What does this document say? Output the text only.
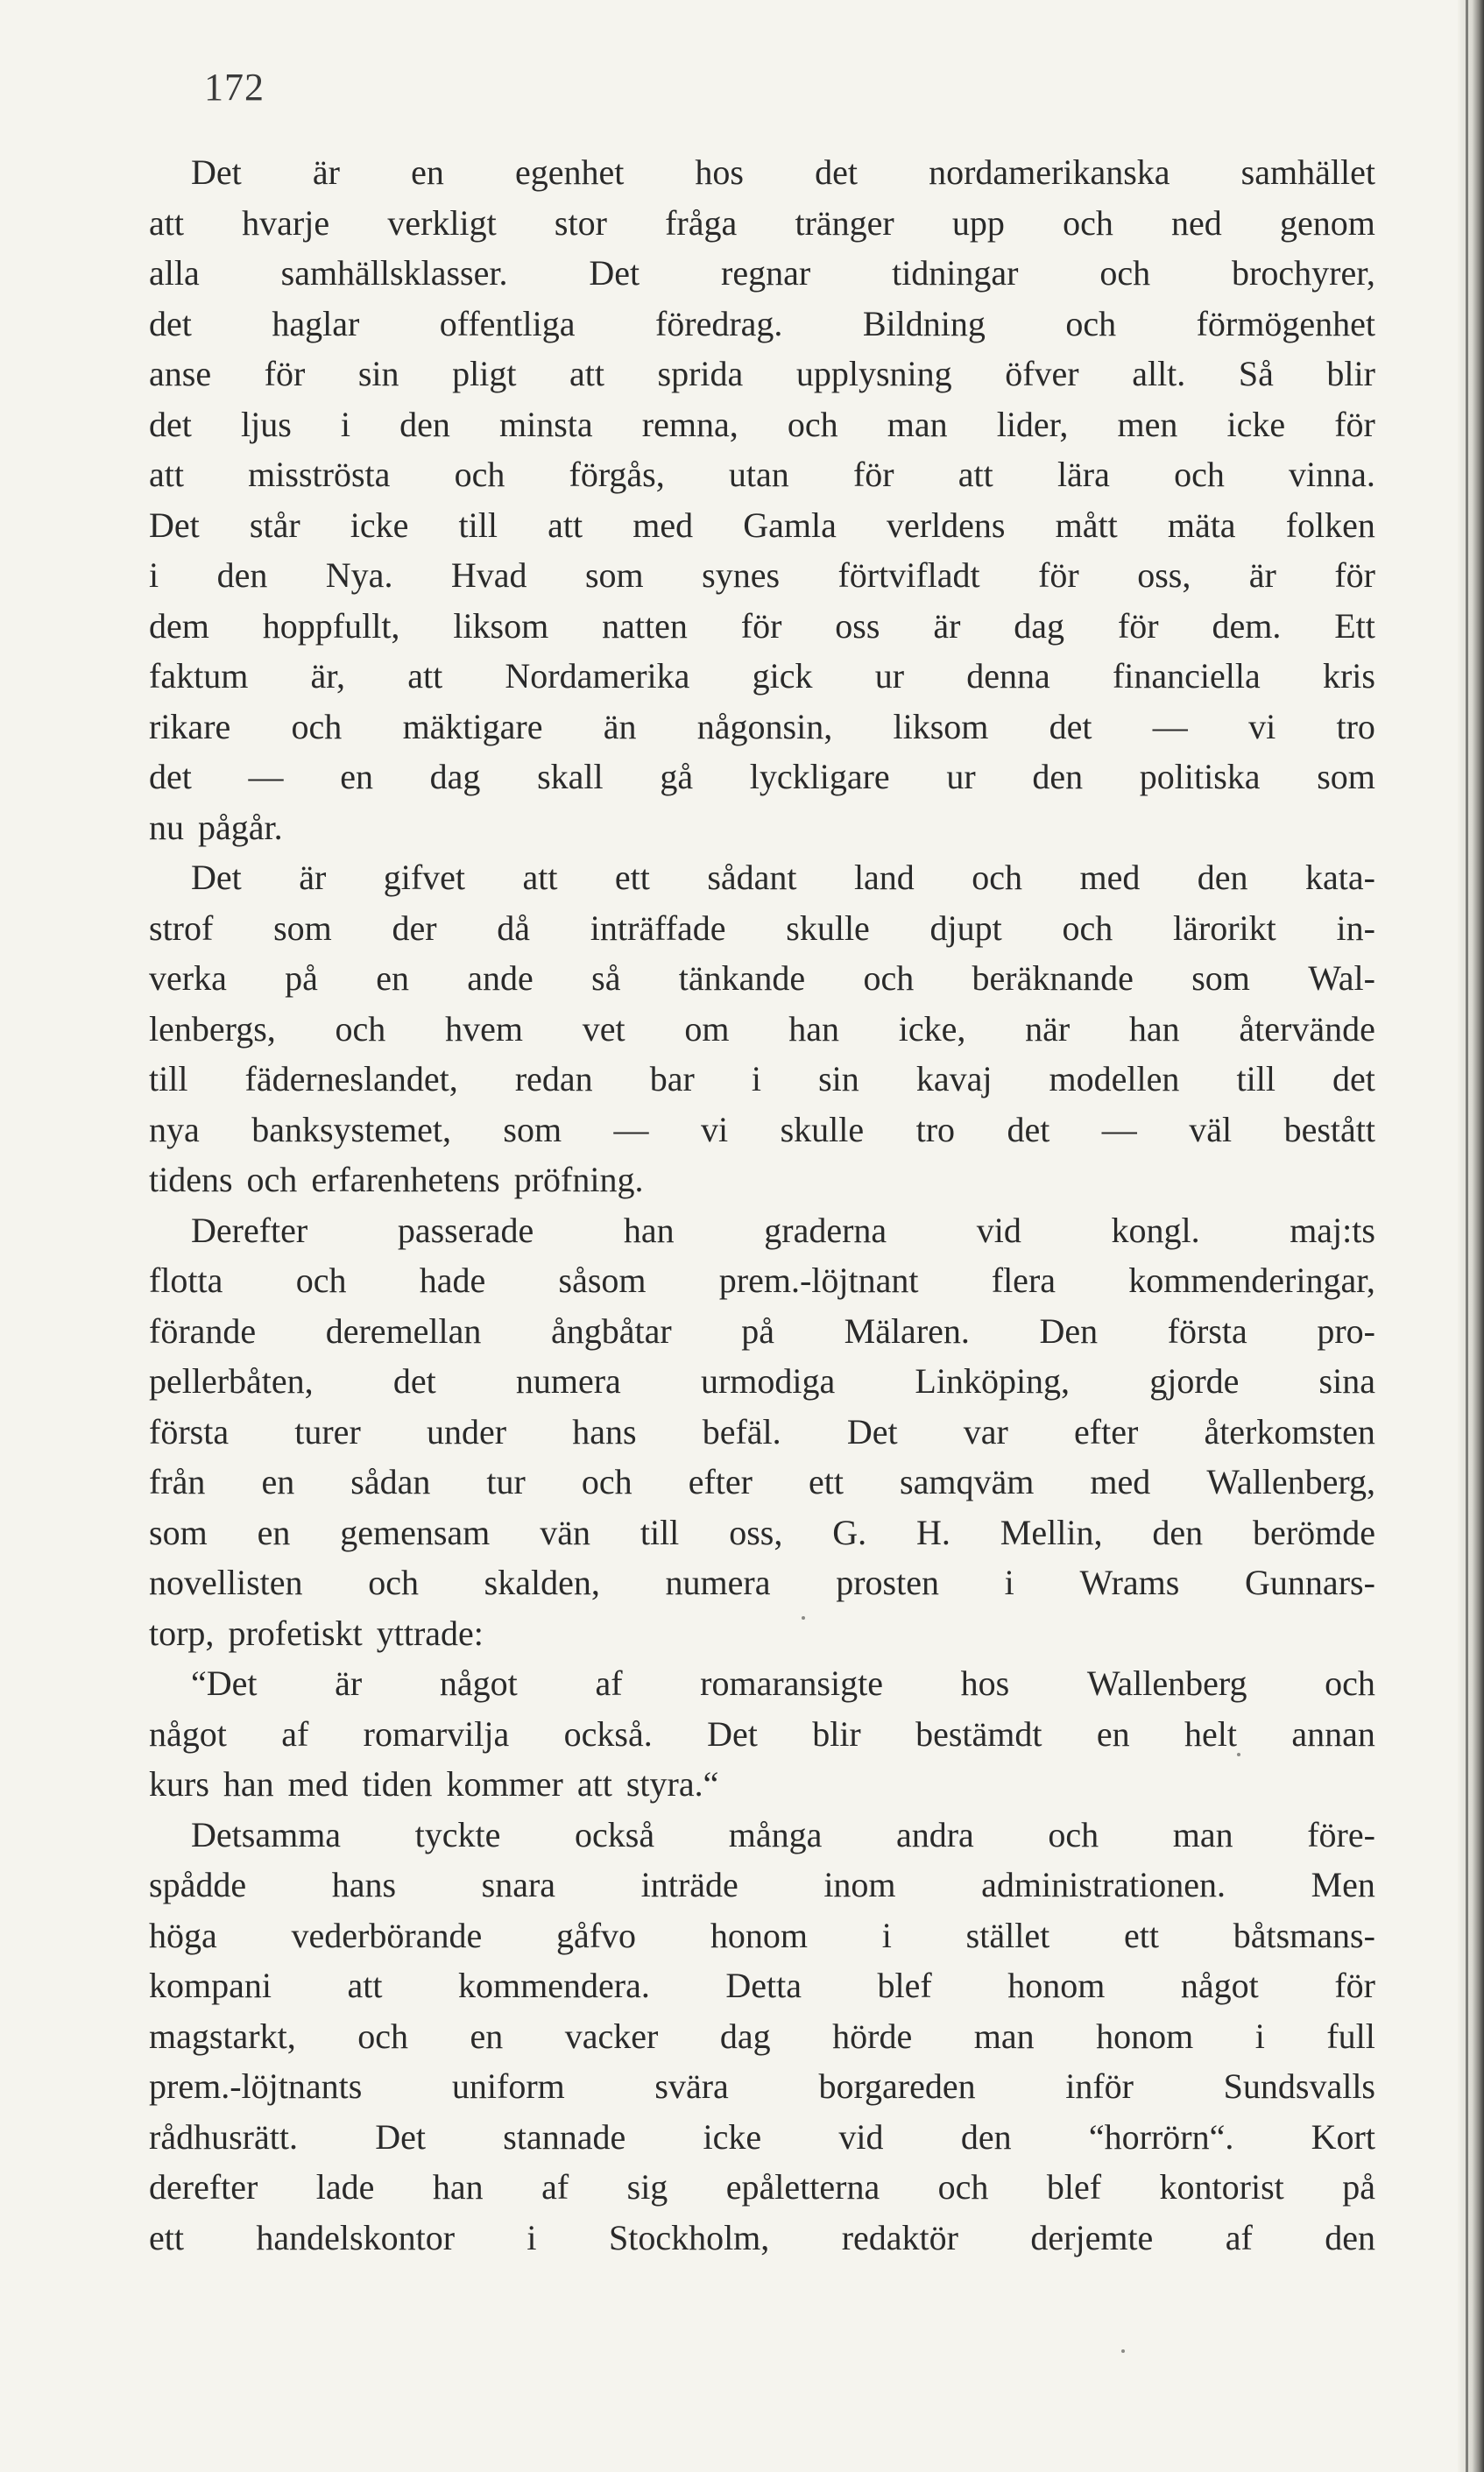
172
Det är en egenhet hos det nordamerikanska samhället
att hvarje verkligt stor fråga tränger upp och ned genom
alla samhällsklasser. Det regnar tidningar och brochyrer,
det haglar offentliga föredrag. Bildning och förmögenhet
anse för sin pligt att sprida upplysning öfver allt. Så blir
det ljus i den minsta remna, och man lider, men icke för
att misströsta och förgås, utan för att lära och vinna.
Det står icke till att med Gamla verldens mått mäta folken
i den Nya. Hvad som synes förtvifladt för oss, är för
dem hoppfullt, liksom natten för oss är dag för dem. Ett
faktum är, att Nordamerika gick ur denna financiella kris
rikare och mäktigare än någonsin, liksom det — vi tro
det — en dag skall gå lyckligare ur den politiska som
nu pågår.
Det är gifvet att ett sådant land och med den kata-
strof som der då inträffade skulle djupt och lärorikt in-
verka på en ande så tänkande och beräknande som Wal-
lenbergs, och hvem vet om han icke, när han återvände
till fäderneslandet, redan bar i sin kavaj modellen till det
nya banksystemet, som — vi skulle tro det — väl bestått
tidens och erfarenhetens pröfning.
Derefter	passerade	han	graderna	vid	kongl.	maj:ts
flotta och hade såsom prem.-löjtnant flera kommenderingar,
förande deremellan ångbåtar på Mälaren. Den första pro-
pellerbåten, det numera urmodiga Linköping, gjorde sina
första turer under hans befäl. Det var efter återkomsten
från en sådan tur och efter ett samqväm med Wallenberg,
som en gemensam vän till oss, G. H. Mellin, den berömde
novellisten och skalden, numera prosten i Wrams Gunnars-
torp, profetiskt yttrade:
“Det är något af romaransigte hos Wallenberg och
något af romarvilja också. Det blir bestämdt en helt annan
kurs han med tiden kommer att styra.“
Detsamma tyckte också många andra och man före-
spådde hans snara inträde inom administrationen. Men
höga vederbörande gåfvo honom i stället ett båtsmans-
kompani att kommendera. Detta blef honom något för
magstarkt, och en vacker dag hörde man honom i full
prem.-löjtnants	uniform	svära	borgareden	inför	Sundsvalls
rådhusrätt. Det stannade icke vid den “horrörn“. Kort
derefter lade han af sig epåletterna och blef kontorist på
ett handelskontor i Stockholm, redaktör derjemte af den
